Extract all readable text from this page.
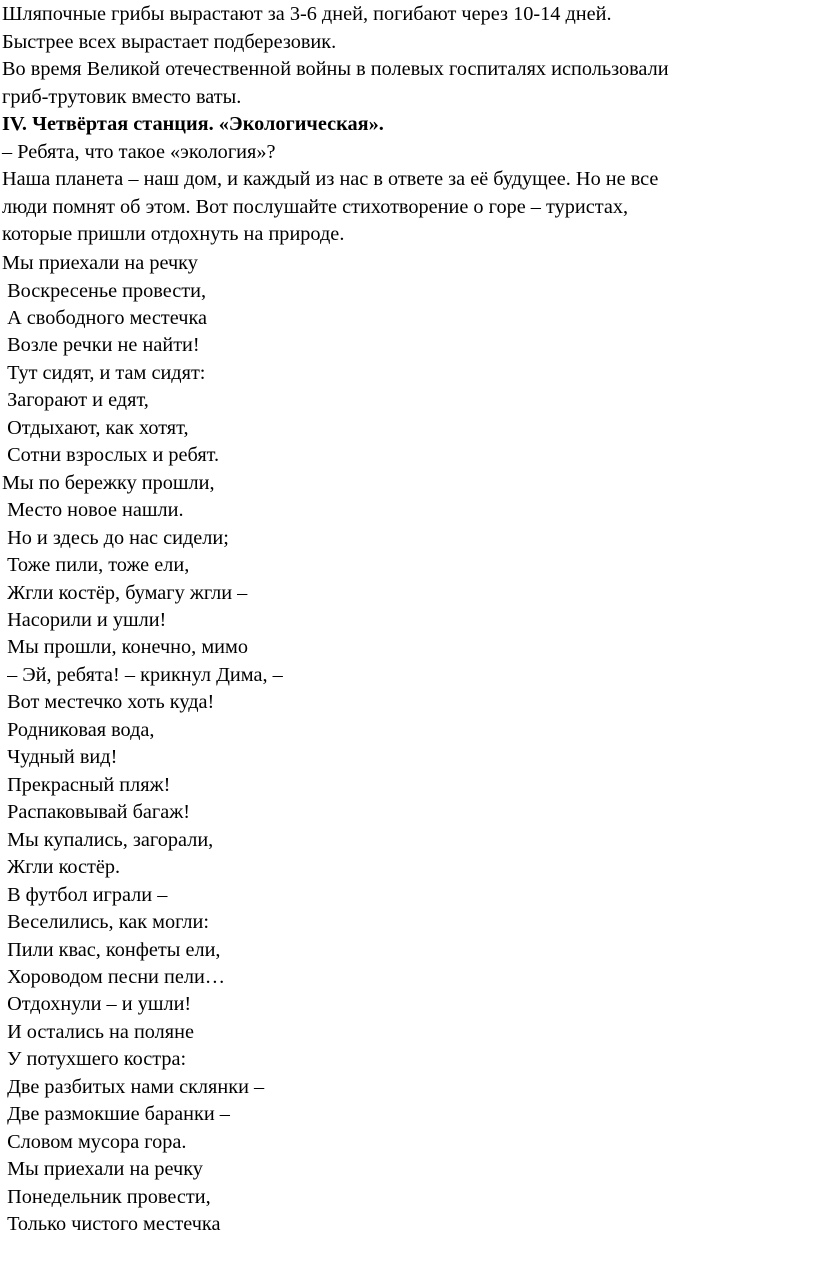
Шляпочные грибы вырастают за 3-6 дней, погибают через 10-14 дней.
Быстрее всех вырастает подберезовик.
Во время Великой отечественной войны в полевых госпиталях использовали
гриб-трутовик вместо ваты.
IV. Четвёртая станция. «Экологическая».
– Ребята, что такое «экология»?
Наша планета – наш дом, и каждый из нас в ответе за её будущее. Но не все
люди помнят об этом. Вот послушайте стихотворение о горе – туристах,
которые пришли отдохнуть на природе.
Мы приехали на речку
Воскресенье провести,
А свободного местечка
Возле речки не найти!
Тут сидят, и там сидят:
Загорают и едят,
Отдыхают, как хотят,
Сотни взрослых и ребят.
Мы по бережку прошли,
Место новое нашли.
Но и здесь до нас сидели;
Тоже пили, тоже ели,
Жгли костёр, бумагу жгли –
Насорили и ушли!
Мы прошли, конечно, мимо
– Эй, ребята! – крикнул Дима, –
Вот местечко хоть куда!
Родниковая вода,
Чудный вид!
Прекрасный пляж!
Распаковывай багаж!
Мы купались, загорали,
Жгли костёр.
В футбол играли –
Веселились, как могли:
Пили квас, конфеты ели,
Хороводом песни пели…
Отдохнули – и ушли!
И остались на поляне
У потухшего костра:
Две разбитых нами склянки –
Две размокшие баранки –
Словом мусора гора.
Мы приехали на речку
Понедельник провести,
Только чистого местечка
